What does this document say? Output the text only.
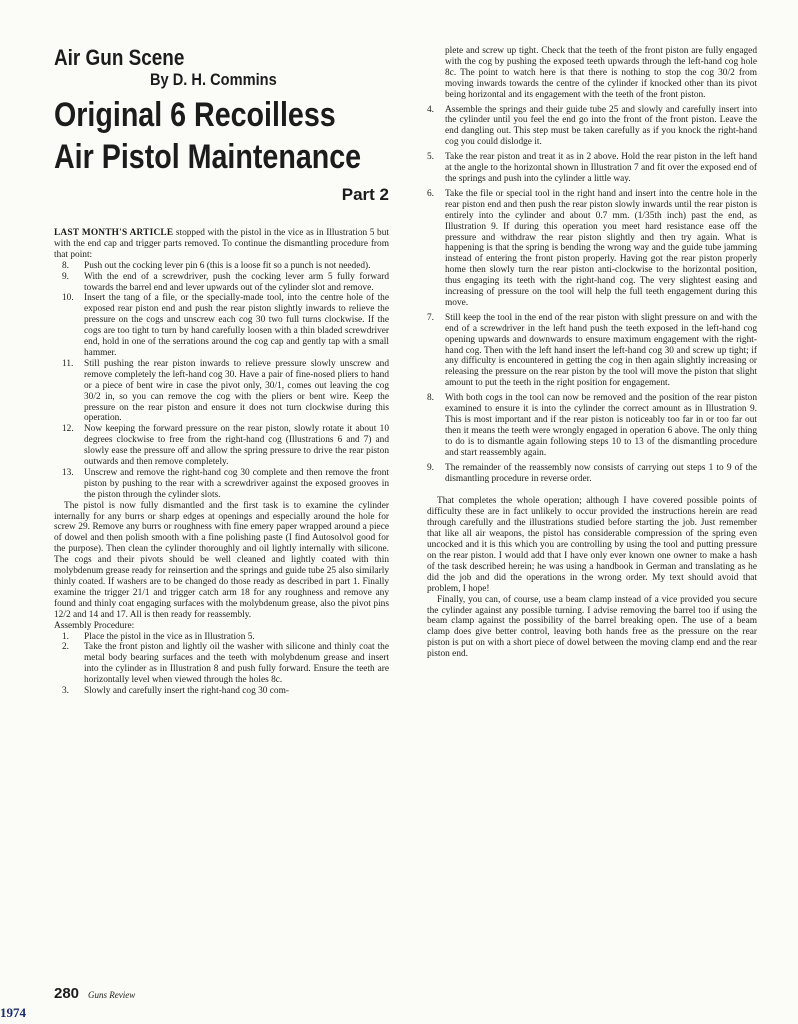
Air Gun Scene
By D. H. Commins
Original 6 Recoilless
Air Pistol Maintenance
Part 2

LAST MONTH'S ARTICLE stopped with the pistol in the vice as in Illustration 5 but with the end cap and trigger parts removed. To continue the dismantling procedure from that point:

8. Push out the cocking lever pin 6 (this is a loose fit so a punch is not needed).
9. With the end of a screwdriver, push the cocking lever arm 5 fully forward towards the barrel end and lever upwards out of the cylinder slot and remove.
10. Insert the tang of a file, or the specially-made tool, into the centre hole of the exposed rear piston end and push the rear piston slightly inwards to relieve the pressure on the cogs and unscrew each cog 30 two full turns clockwise. If the cogs are too tight to turn by hand carefully loosen with a thin bladed screwdriver end, hold in one of the serrations around the cog cap and gently tap with a small hammer.
11. Still pushing the rear piston inwards to relieve pressure slowly unscrew and remove completely the left-hand cog 30. Have a pair of fine-nosed pliers to hand or a piece of bent wire in case the pivot only, 30/1, comes out leaving the cog 30/2 in, so you can remove the cog with the pliers or bent wire. Keep the pressure on the rear piston and ensure it does not turn clockwise during this operation.
12. Now keeping the forward pressure on the rear piston, slowly rotate it about 10 degrees clockwise to free from the right-hand cog (Illustrations 6 and 7) and slowly ease the pressure off and allow the spring pressure to drive the rear piston outwards and then remove completely.
13. Unscrew and remove the right-hand cog 30 complete and then remove the front piston by pushing to the rear with a screwdriver against the exposed grooves in the piston through the cylinder slots.

The pistol is now fully dismantled and the first task is to examine the cylinder internally for any burrs or sharp edges at openings and especially around the hole for screw 29. Remove any burrs or roughness with fine emery paper wrapped around a piece of dowel and then polish smooth with a fine polishing paste (I find Autosolvol good for the purpose). Then clean the cylinder thoroughly and oil lightly internally with silicone. The cogs and their pivots should be well cleaned and lightly coated with thin molybdenum grease ready for reinsertion and the springs and guide tube 25 also similarly thinly coated. If washers are to be changed do those ready as described in part 1. Finally examine the trigger 21/1 and trigger catch arm 18 for any roughness and remove any found and thinly coat engaging surfaces with the molybdenum grease, also the pivot pins 12/2 and 14 and 17. All is then ready for reassembly.

Assembly Procedure:

1. Place the pistol in the vice as in Illustration 5.
2. Take the front piston and lightly oil the washer with silicone and thinly coat the metal body bearing surfaces and the teeth with molybdenum grease and insert into the cylinder as in Illustration 8 and push fully forward. Ensure the teeth are horizontally level when viewed through the holes 8c.
3. Slowly and carefully insert the right-hand cog 30 com-

plete and screw up tight. Check that the teeth of the front piston are fully engaged with the cog by pushing the exposed teeth upwards through the left-hand cog hole 8c. The point to watch here is that there is nothing to stop the cog 30/2 from moving inwards towards the centre of the cylinder if knocked other than its pivot being horizontal and its engagement with the teeth of the front piston.

4. Assemble the springs and their guide tube 25 and slowly and carefully insert into the cylinder until you feel the end go into the front of the front piston. Leave the end dangling out. This step must be taken carefully as if you knock the right-hand cog you could dislodge it.
5. Take the rear piston and treat it as in 2 above. Hold the rear piston in the left hand at the angle to the horizontal shown in Illustration 7 and fit over the exposed end of the springs and push into the cylinder a little way.
6. Take the file or special tool in the right hand and insert into the centre hole in the rear piston end and then push the rear piston slowly inwards until the rear piston is entirely into the cylinder and about 0.7 mm. (1/35th inch) past the end, as Illustration 9. If during this operation you meet hard resistance ease off the pressure and withdraw the rear piston slightly and then try again. What is happening is that the spring is bending the wrong way and the guide tube jamming instead of entering the front piston properly. Having got the rear piston properly home then slowly turn the rear piston anti-clockwise to the horizontal position, thus engaging its teeth with the right-hand cog. The very slightest easing and increasing of pressure on the tool will help the full teeth engagement during this move.
7. Still keep the tool in the end of the rear piston with slight pressure on and with the end of a screwdriver in the left hand push the teeth exposed in the left-hand cog opening upwards and downwards to ensure maximum engagement with the right-hand cog. Then with the left hand insert the left-hand cog 30 and screw up tight; if any difficulty is encountered in getting the cog in then again slightly increasing or releasing the pressure on the rear piston by the tool will move the piston that slight amount to put the teeth in the right position for engagement.
8. With both cogs in the tool can now be removed and the position of the rear piston examined to ensure it is into the cylinder the correct amount as in Illustration 9. This is most important and if the rear piston is noticeably too far in or too far out then it means the teeth were wrongly engaged in operation 6 above. The only thing to do is to dismantle again following steps 10 to 13 of the dismantling procedure and start reassembly again.
9. The remainder of the reassembly now consists of carrying out steps 1 to 9 of the dismantling procedure in reverse order.

That completes the whole operation; although I have covered possible points of difficulty these are in fact unlikely to occur provided the instructions herein are read through carefully and the illustrations studied before starting the job. Just remember that like all air weapons, the pistol has considerable compression of the spring even uncocked and it is this which you are controlling by using the tool and putting pressure on the rear piston. I would add that I have only ever known one owner to make a hash of the task described herein; he was using a handbook in German and translating as he did the job and did the operations in the wrong order. My text should avoid that problem, I hope!

Finally, you can, of course, use a beam clamp instead of a vice provided you secure the cylinder against any possible turning. I advise removing the barrel too if using the beam clamp against the possibility of the barrel breaking open. The use of a beam clamp does give better control, leaving both hands free as the pressure on the rear piston is put on with a short piece of dowel between the moving clamp end and the rear piston end.

280 Guns Review
1974
